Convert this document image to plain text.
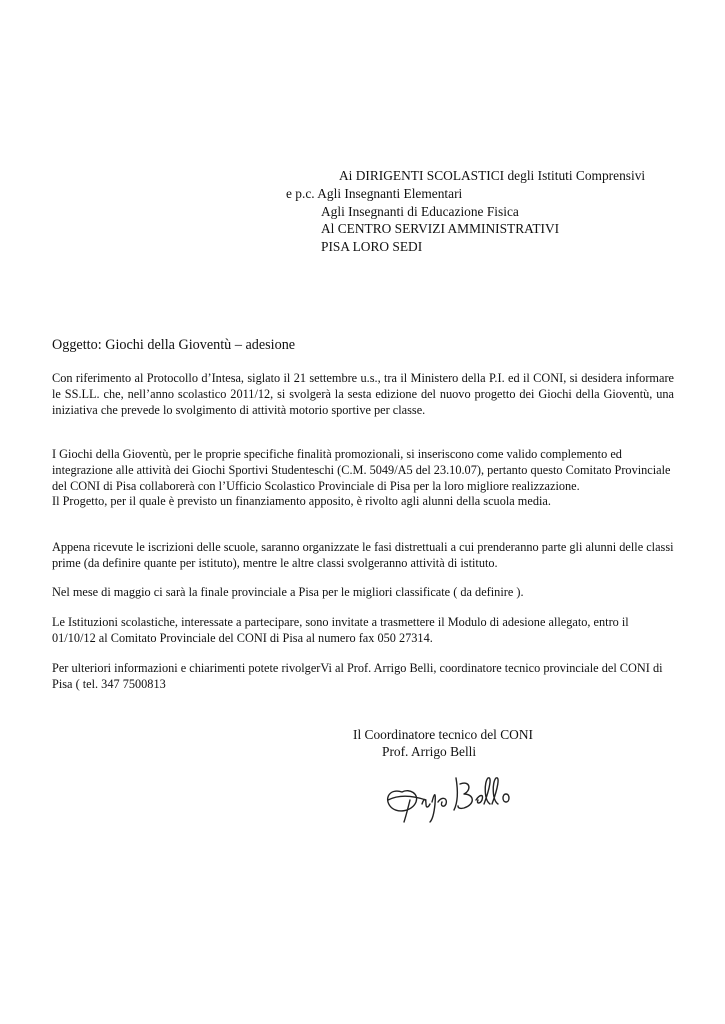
Ai DIRIGENTI SCOLASTICI degli Istituti Comprensivi
e p.c. Agli Insegnanti Elementari
Agli Insegnanti di Educazione Fisica
Al CENTRO SERVIZI AMMINISTRATIVI
PISA LORO SEDI
Oggetto: Giochi della Gioventù – adesione

Con riferimento al Protocollo d’Intesa, siglato il 21 settembre u.s., tra il Ministero della P.I. ed il CONI, si desidera informare le SS.LL. che, nell’anno scolastico 2011/12, si svolgerà la sesta edizione del nuovo progetto dei Giochi della Gioventù, una iniziativa che prevede lo svolgimento di attività motorio sportive per classe.

I Giochi della Gioventù, per le proprie specifiche finalità promozionali, si inseriscono come valido complemento ed integrazione alle attività dei Giochi Sportivi Studenteschi (C.M. 5049/A5 del 23.10.07), pertanto questo Comitato Provinciale del CONI di Pisa collaborerà con l’Ufficio Scolastico Provinciale di Pisa per la loro migliore realizzazione.

Il Progetto, per il quale è previsto un finanziamento apposito, è rivolto agli alunni della scuola media.

Appena ricevute le iscrizioni delle scuole, saranno organizzate le fasi distrettuali a cui prenderanno parte gli alunni delle classi prime (da definire quante per istituto), mentre le altre classi svolgeranno attività di istituto.

Nel mese di maggio ci sarà la finale provinciale a Pisa per le migliori classificate ( da definire ).

Le Istituzioni scolastiche, interessate a partecipare, sono invitate a trasmettere il Modulo di adesione allegato, entro il 01/10/12 al Comitato Provinciale del CONI di Pisa al numero fax 050 27314.

Per ulteriori informazioni e chiarimenti potete rivolgerVi al Prof. Arrigo Belli, coordinatore tecnico provinciale del CONI di Pisa ( tel. 347 7500813

Il Coordinatore tecnico del CONI
Prof. Arrigo Belli
